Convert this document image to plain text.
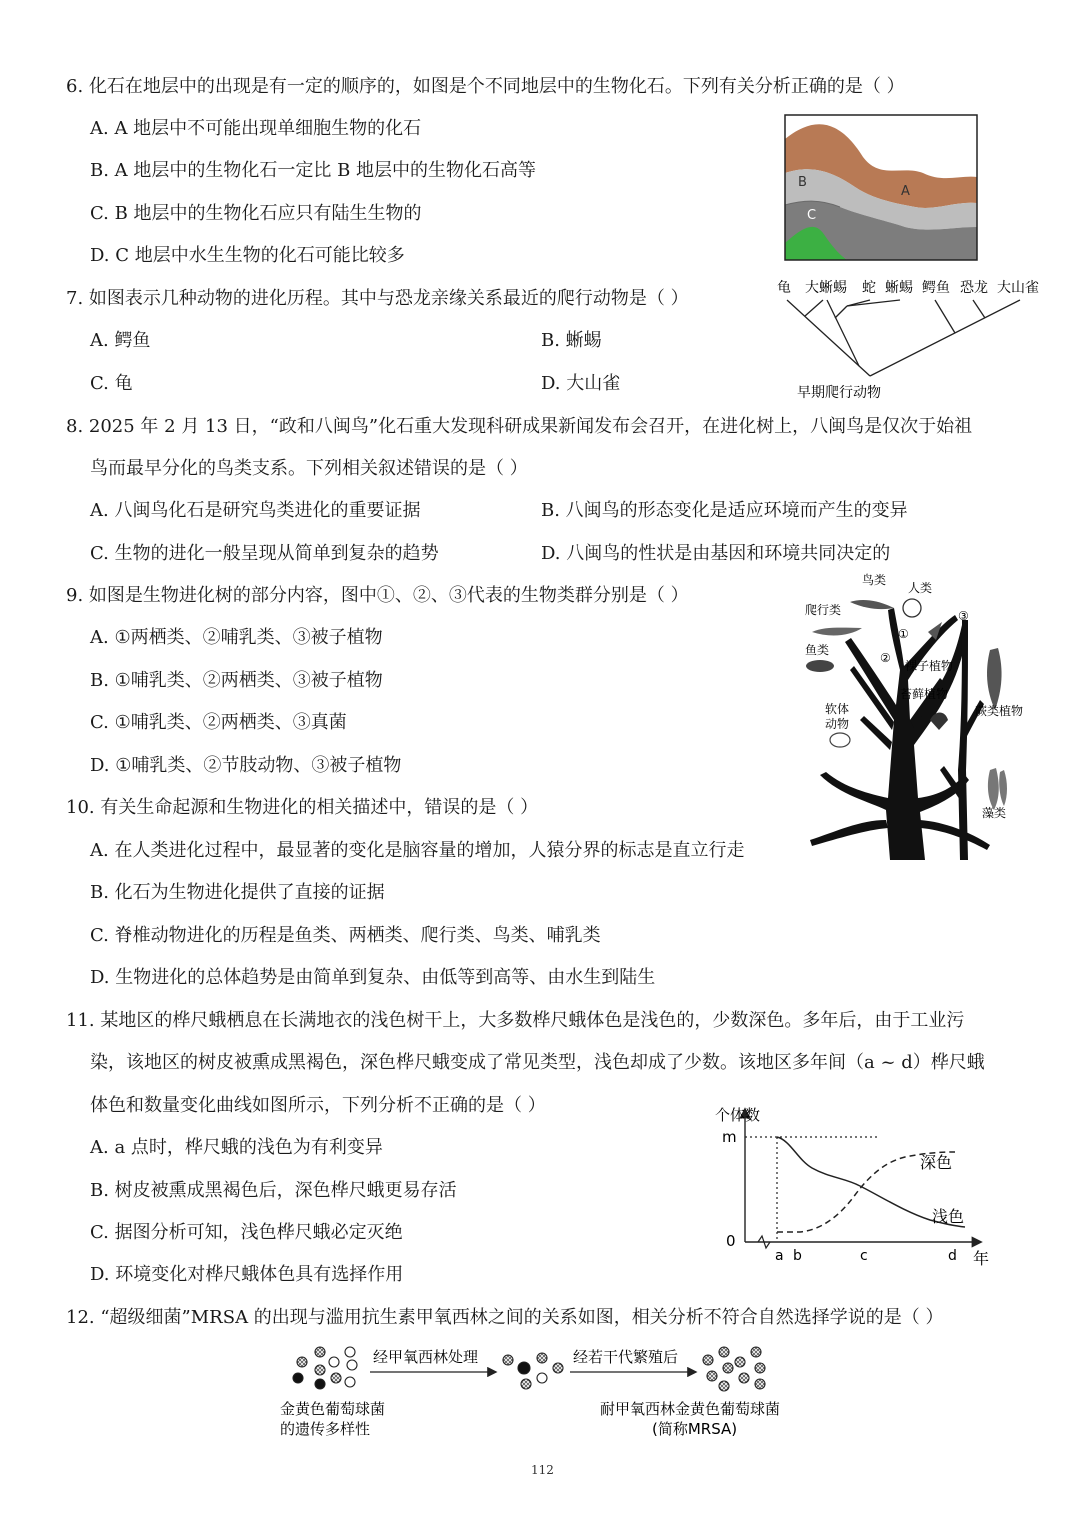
6. 化石在地层中的出现是有一定的顺序的，如图是个不同地层中的生物化石。下列有关分析正确的是（ ）
A. A 地层中不可能出现单细胞生物的化石
B. A 地层中的生物化石一定比 B 地层中的生物化石高等
C. B 地层中的生物化石应只有陆生生物的
D. C 地层中水生生物的化石可能比较多
A
B
C
7. 如图表示几种动物的进化历程。其中与恐龙亲缘关系最近的爬行动物是（ ）
A. 鳄鱼	B. 蜥蜴
C. 龟	D. 大山雀
龟 大蜥蜴 蛇 蜥蜴 鳄鱼 恐龙 大山雀
早期爬行动物
8. 2025 年 2 月 13 日，“政和八闽鸟”化石重大发现科研成果新闻发布会召开，在进化树上，八闽鸟是仅次于始祖
鸟而最早分化的鸟类支系。下列相关叙述错误的是（ ）
A. 八闽鸟化石是研究鸟类进化的重要证据	B. 八闽鸟的形态变化是适应环境而产生的变异
C. 生物的进化一般呈现从简单到复杂的趋势	D. 八闽鸟的性状是由基因和环境共同决定的
9. 如图是生物进化树的部分内容，图中①、②、③代表的生物类群分别是（ ）
A. ①两栖类、②哺乳类、③被子植物
B. ①哺乳类、②两栖类、③被子植物
C. ①哺乳类、②两栖类、③真菌
D. ①哺乳类、②节肢动物、③被子植物
鸟类
人类
爬行类
鱼类
①
②
③
裸子植物
苔藓植物
蕨类植物
软体
动物
藻类
10. 有关生命起源和生物进化的相关描述中，错误的是（ ）
A. 在人类进化过程中，最显著的变化是脑容量的增加，人猿分界的标志是直立行走
B. 化石为生物进化提供了直接的证据
C. 脊椎动物进化的历程是鱼类、两栖类、爬行类、鸟类、哺乳类
D. 生物进化的总体趋势是由简单到复杂、由低等到高等、由水生到陆生
11. 某地区的桦尺蛾栖息在长满地衣的浅色树干上，大多数桦尺蛾体色是浅色的，少数深色。多年后，由于工业污
染，该地区的树皮被熏成黑褐色，深色桦尺蛾变成了常见类型，浅色却成了少数。该地区多年间（a ~ d）桦尺蛾
体色和数量变化曲线如图所示，下列分析不正确的是（ ）
A. a 点时，桦尺蛾的浅色为有利变异
B. 树皮被熏成黑褐色后，深色桦尺蛾更易存活
C. 据图分析可知，浅色桦尺蛾必定灭绝
D. 环境变化对桦尺蛾体色具有选择作用
个体数
m
0
a b	c	d 年
深色
浅色
12. “超级细菌”MRSA 的出现与滥用抗生素甲氧西林之间的关系如图，相关分析不符合自然选择学说的是（ ）
经甲氧西林处理	经若干代繁殖后
金黄色葡萄球菌
的遗传多样性
耐甲氧西林金黄色葡萄球菌
(简称MRSA)
112
